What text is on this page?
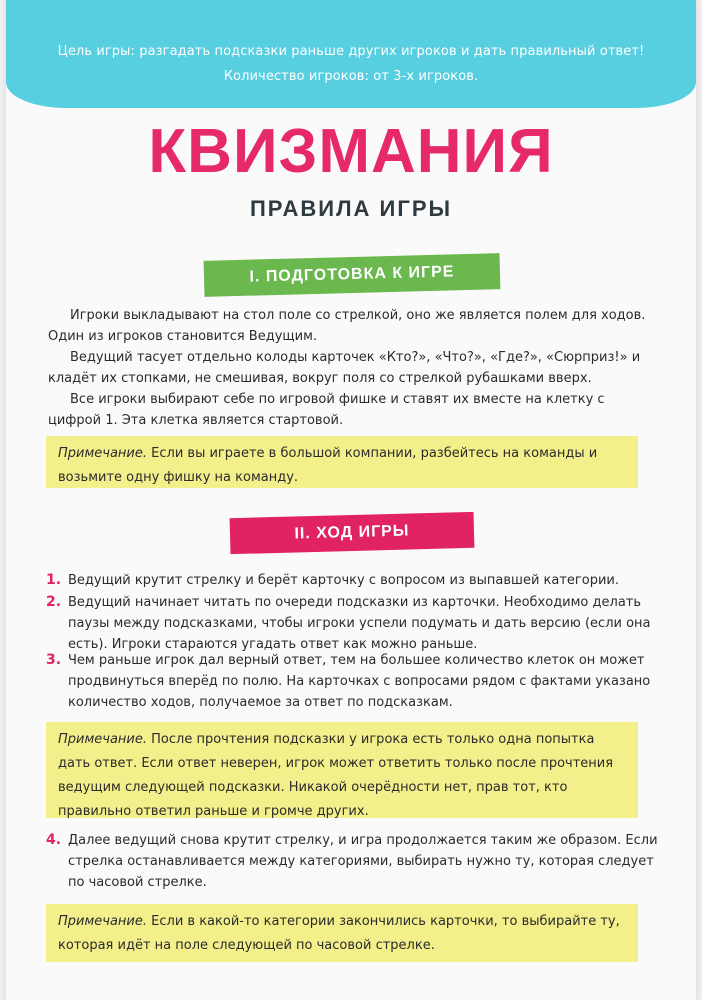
Цель игры: разгадать подсказки раньше других игроков и дать правильный ответ!
Количество игроков: от 3-х игроков.
КВИЗМАНИЯ
ПРАВИЛА ИГРЫ
I. ПОДГОТОВКА К ИГРЕ

Игроки выкладывают на стол поле со стрелкой, оно же является полем для ходов. Один из игроков становится Ведущим.

Ведущий тасует отдельно колоды карточек «Кто?», «Что?», «Где?», «Сюрприз!» и кладёт их стопками, не смешивая, вокруг поля со стрелкой рубашками вверх.

Все игроки выбирают себе по игровой фишке и ставят их вместе на клетку с цифрой 1. Эта клетка является стартовой.

Примечание. Если вы играете в большой компании, разбейтесь на команды и возьмите одну фишку на команду.
II. ХОД ИГРЫ
1. Ведущий крутит стрелку и берёт карточку с вопросом из выпавшей категории.
2. Ведущий начинает читать по очереди подсказки из карточки. Необходимо делать паузы между подсказками, чтобы игроки успели подумать и дать версию (если она есть). Игроки стараются угадать ответ как можно раньше.
3. Чем раньше игрок дал верный ответ, тем на большее количество клеток он может продвинуться вперёд по полю. На карточках с вопросами рядом с фактами указано количество ходов, получаемое за ответ по подсказкам.
Примечание. После прочтения подсказки у игрока есть только одна попытка дать ответ. Если ответ неверен, игрок может ответить только после прочтения ведущим следующей подсказки. Никакой очерёдности нет, прав тот, кто правильно ответил раньше и громче других.
4. Далее ведущий снова крутит стрелку, и игра продолжается таким же образом. Если стрелка останавливается между категориями, выбирать нужно ту, которая следует по часовой стрелке.
Примечание. Если в какой-то категории закончились карточки, то выбирайте ту, которая идёт на поле следующей по часовой стрелке.
